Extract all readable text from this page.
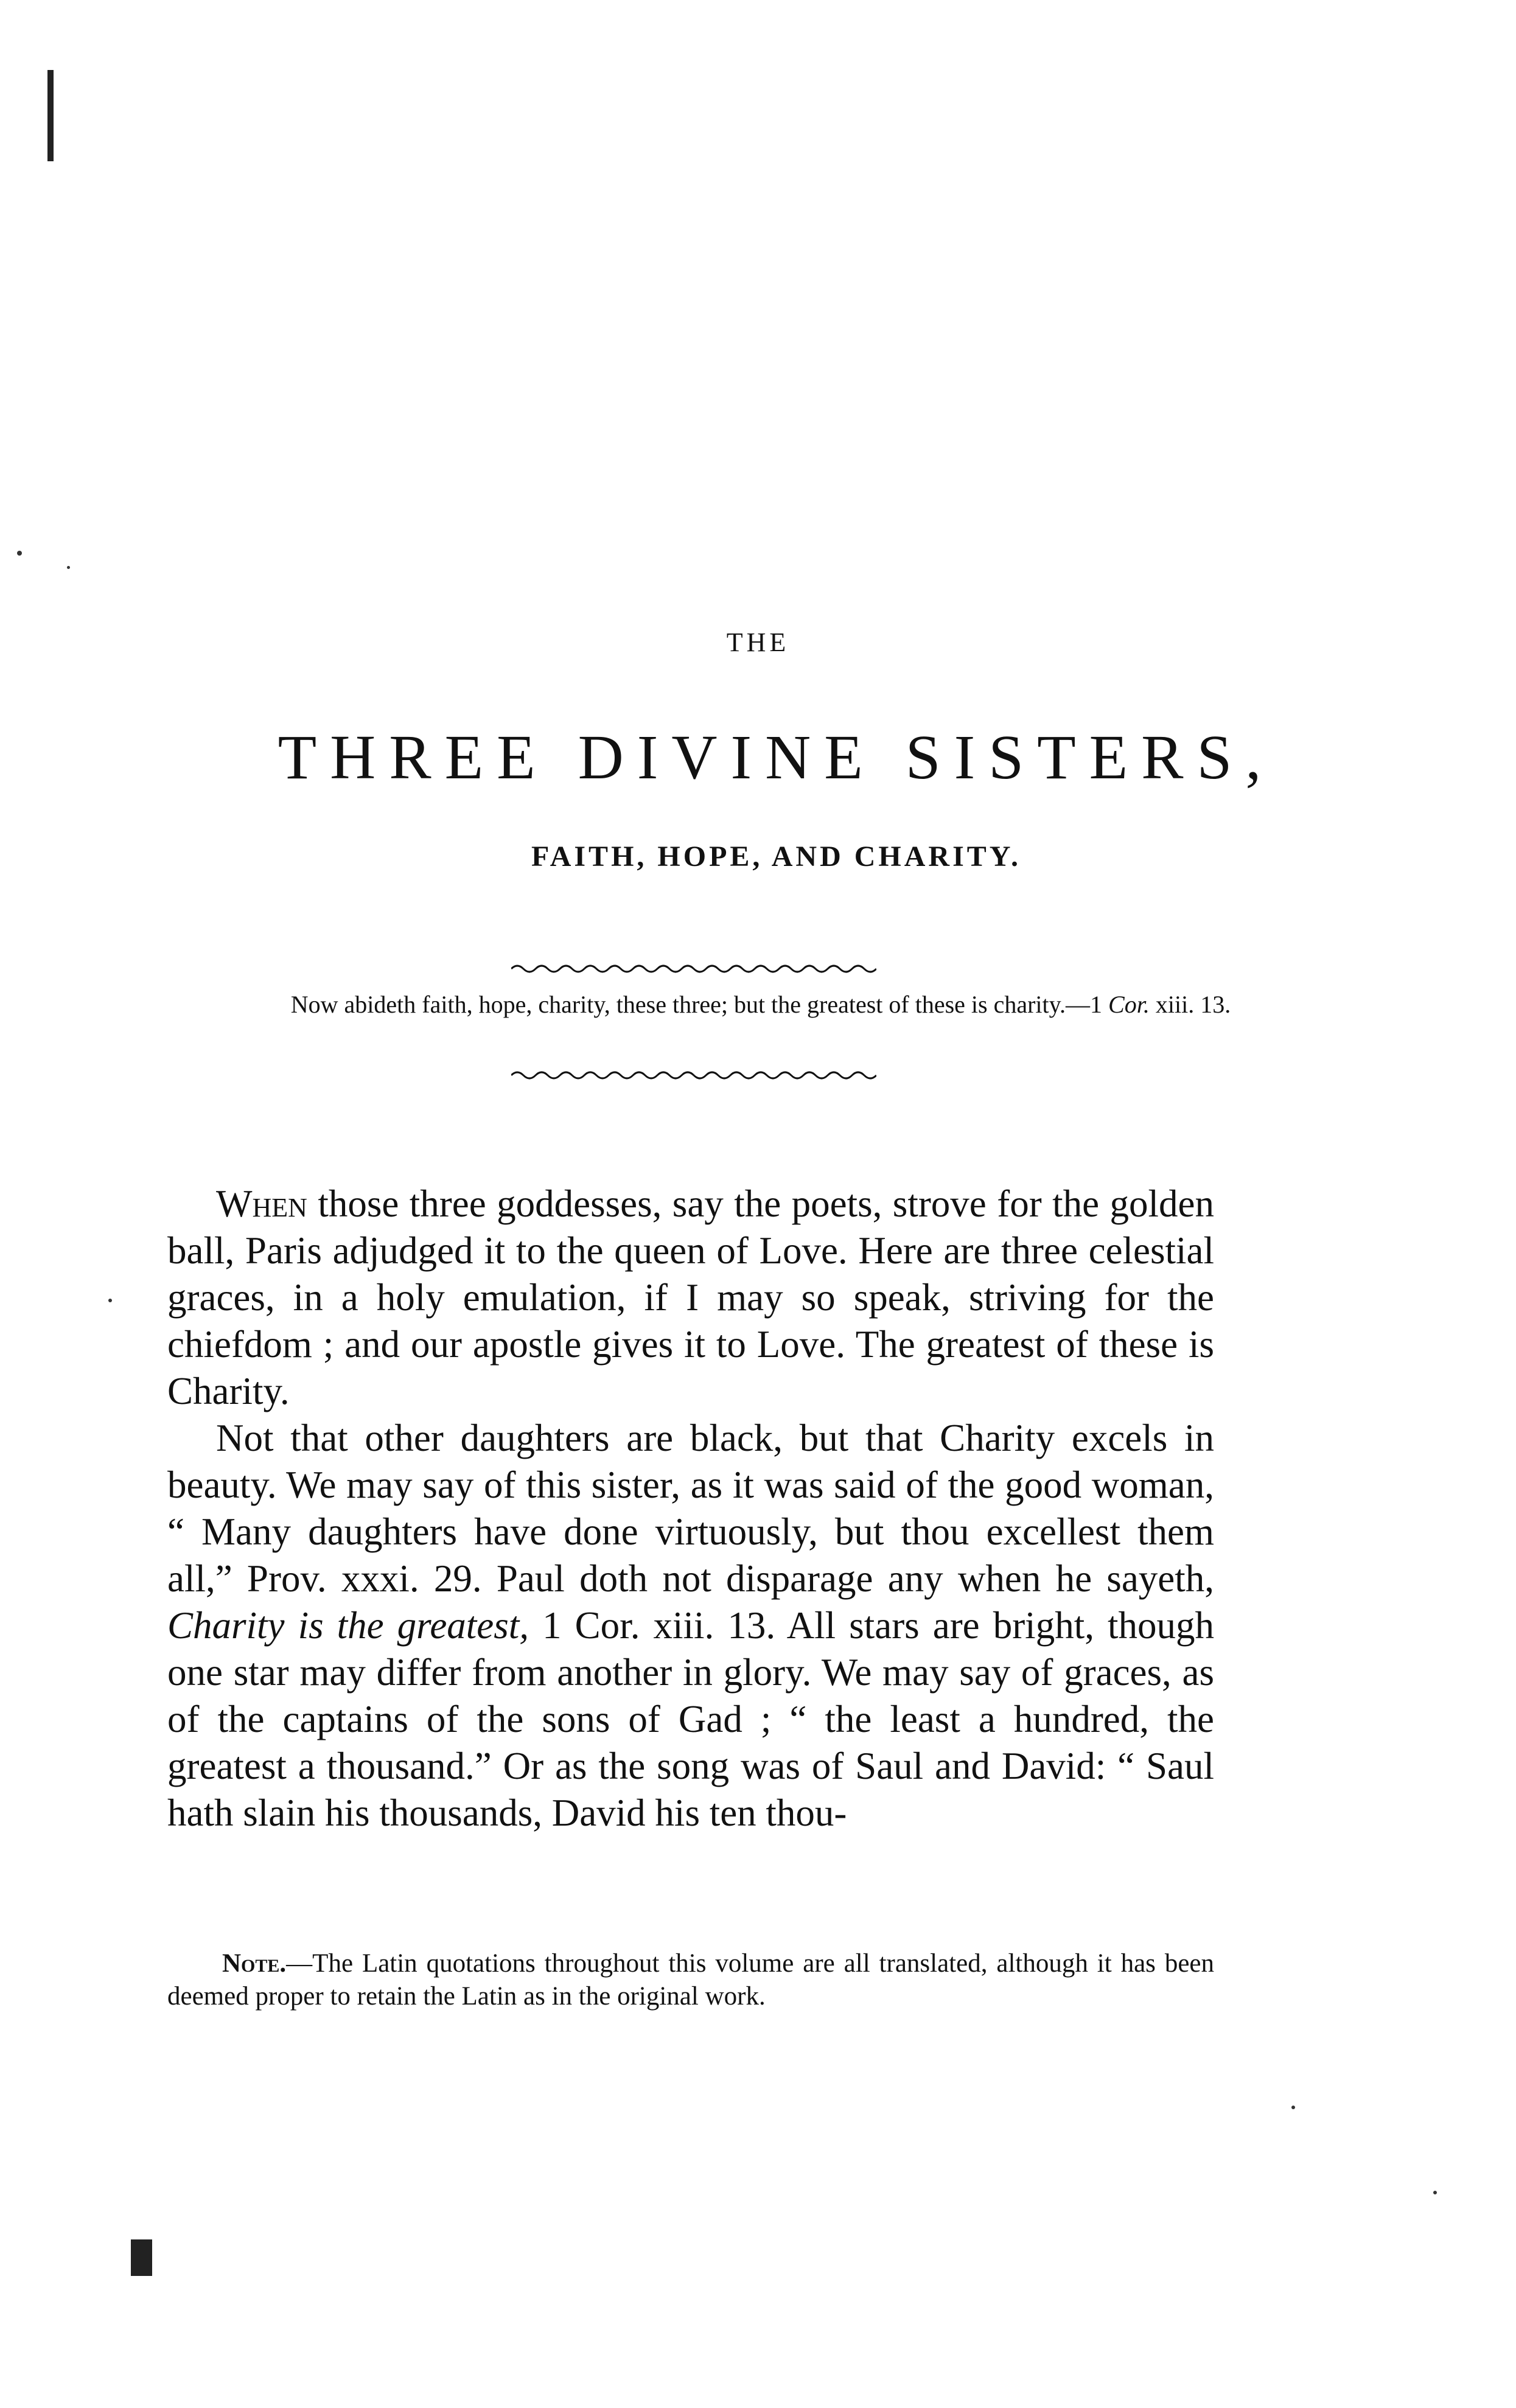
THE
THREE DIVINE SISTERS,
FAITH, HOPE, AND CHARITY.
Now abideth faith, hope, charity, these three; but the greatest of these is charity.—1 Cor. xiii. 13.

When those three goddesses, say the poets, strove for the golden ball, Paris adjudged it to the queen of Love. Here are three celestial graces, in a holy emulation, if I may so speak, striving for the chiefdom ; and our apostle gives it to Love. The greatest of these is Charity.

Not that other daughters are black, but that Charity excels in beauty. We may say of this sister, as it was said of the good woman, “ Many daughters have done virtuously, but thou excellest them all,” Prov. xxxi. 29. Paul doth not disparage any when he sayeth, Charity is the greatest, 1 Cor. xiii. 13. All stars are bright, though one star may differ from another in glory. We may say of graces, as of the captains of the sons of Gad ; “ the least a hundred, the greatest a thousand.” Or as the song was of Saul and David: “ Saul hath slain his thousands, David his ten thou-

Note.—The Latin quotations throughout this volume are all translated, although it has been deemed proper to retain the Latin as in the original work.
